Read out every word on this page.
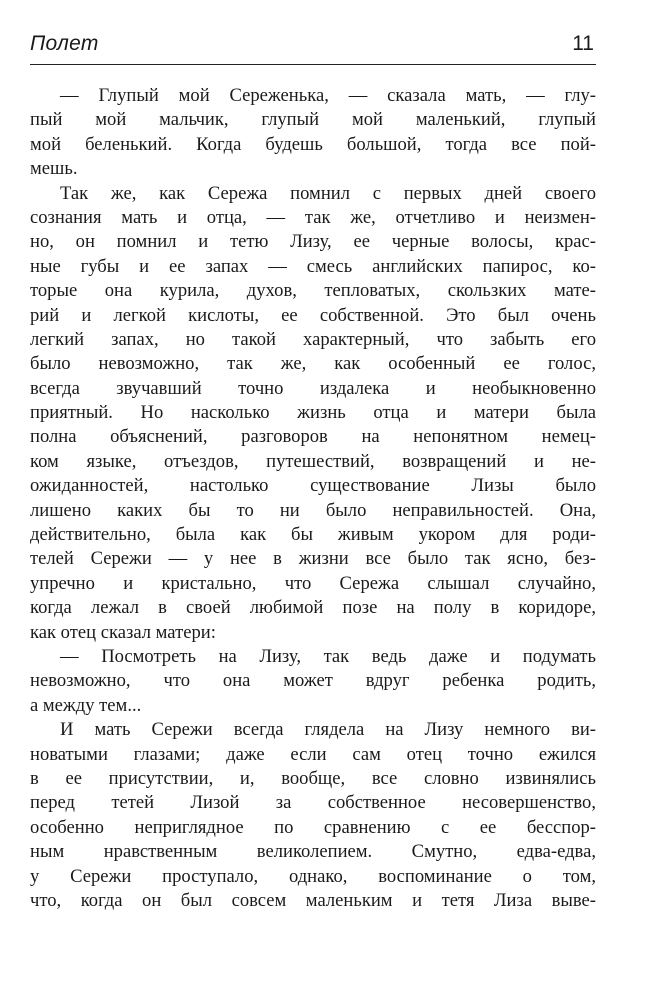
Полет	11
— Глупый мой Сереженька, — сказала мать, — глу-
пый мой мальчик, глупый мой маленький, глупый
мой беленький. Когда будешь большой, тогда все пой-
мешь.
Так же, как Сережа помнил с первых дней своего
сознания мать и отца, — так же, отчетливо и неизмен-
но, он помнил и тетю Лизу, ее черные волосы, крас-
ные губы и ее запах — смесь английских папирос, ко-
торые она курила, духов, тепловатых, скользких мате-
рий и легкой кислоты, ее собственной. Это был очень
легкий запах, но такой характерный, что забыть его
было невозможно, так же, как особенный ее голос,
всегда звучавший точно издалека и необыкновенно
приятный. Но насколько жизнь отца и матери была
полна объяснений, разговоров на непонятном немец-
ком языке, отъездов, путешествий, возвращений и не-
ожиданностей, настолько существование Лизы было
лишено каких бы то ни было неправильностей. Она,
действительно, была как бы живым укором для роди-
телей Сережи — у нее в жизни все было так ясно, без-
упречно и кристально, что Сережа слышал случайно,
когда лежал в своей любимой позе на полу в коридоре,
как отец сказал матери:
— Посмотреть на Лизу, так ведь даже и подумать
невозможно, что она может вдруг ребенка родить,
а между тем...
И мать Сережи всегда глядела на Лизу немного ви-
новатыми глазами; даже если сам отец точно ежился
в ее присутствии, и, вообще, все словно извинялись
перед тетей Лизой за собственное несовершенство,
особенно неприглядное по сравнению с ее бесспор-
ным нравственным великолепием. Смутно, едва-едва,
у Сережи проступало, однако, воспоминание о том,
что, когда он был совсем маленьким и тетя Лиза выве-
